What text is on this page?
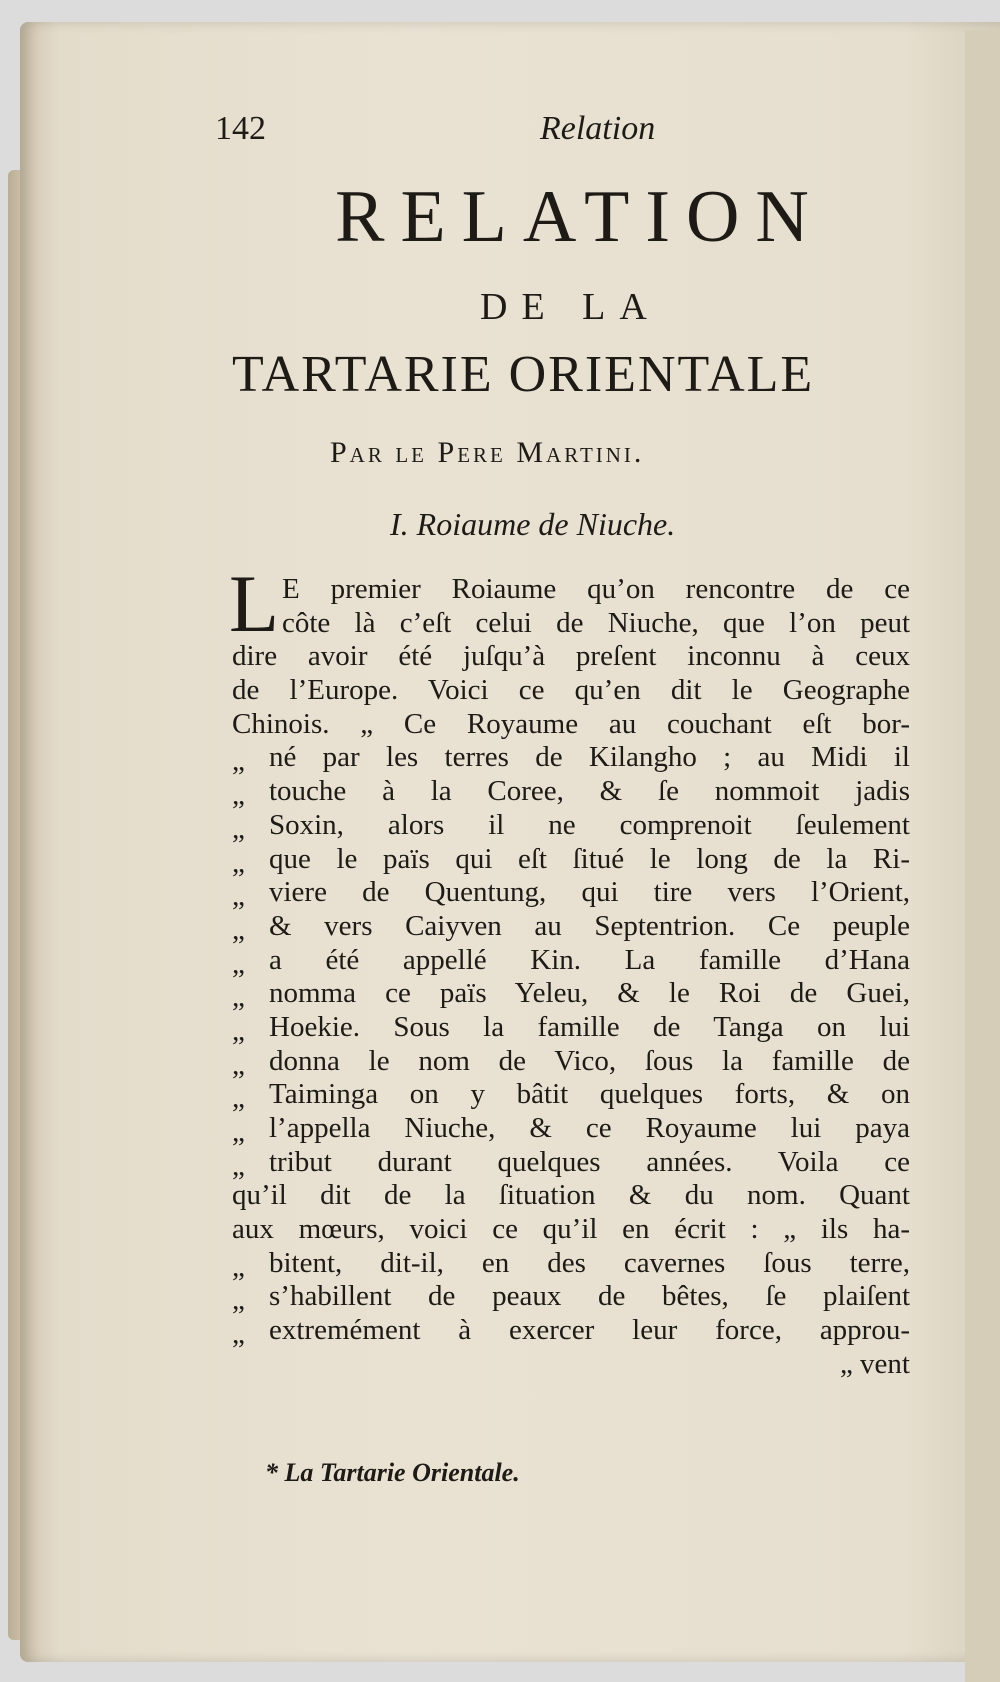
142	Relation
RELATION
DE LA
TARTARIE ORIENTALE
Par le Pere Martini.
I. Roiaume de Niuche.
L E premier Roiaume qu’on rencontre de ce
côte là c’eſt celui de Niuche, que l’on peut
dire avoir été juſqu’à preſent inconnu à ceux
de l’Europe. Voici ce qu’en dit le Geographe
Chinois. „ Ce Royaume au couchant eſt bor-
„ né par les terres de Kilangho ; au Midi il
„ touche à la Coree, & ſe nommoit jadis
„ Soxin, alors il ne comprenoit ſeulement
„ que le païs qui eſt ſitué le long de la Ri-
„ viere de Quentung, qui tire vers l’Orient,
„ & vers Caiyven au Septentrion. Ce peuple
„ a été appellé Kin. La famille d’Hana
„ nomma ce païs Yeleu, & le Roi de Guei,
„ Hoekie. Sous la famille de Tanga on lui
„ donna le nom de Vico, ſous la famille de
„ Taiminga on y bâtit quelques forts, & on
„ l’appella Niuche, & ce Royaume lui paya
„ tribut durant quelques années. Voila ce
qu’il dit de la ſituation & du nom. Quant
aux mœurs, voici ce qu’il en écrit : „ ils ha-
„ bitent, dit-il, en des cavernes ſous terre,
„ s’habillent de peaux de bêtes, ſe plaiſent
„ extremément à exercer leur force, approu-
„ vent
* La Tartarie Orientale.
